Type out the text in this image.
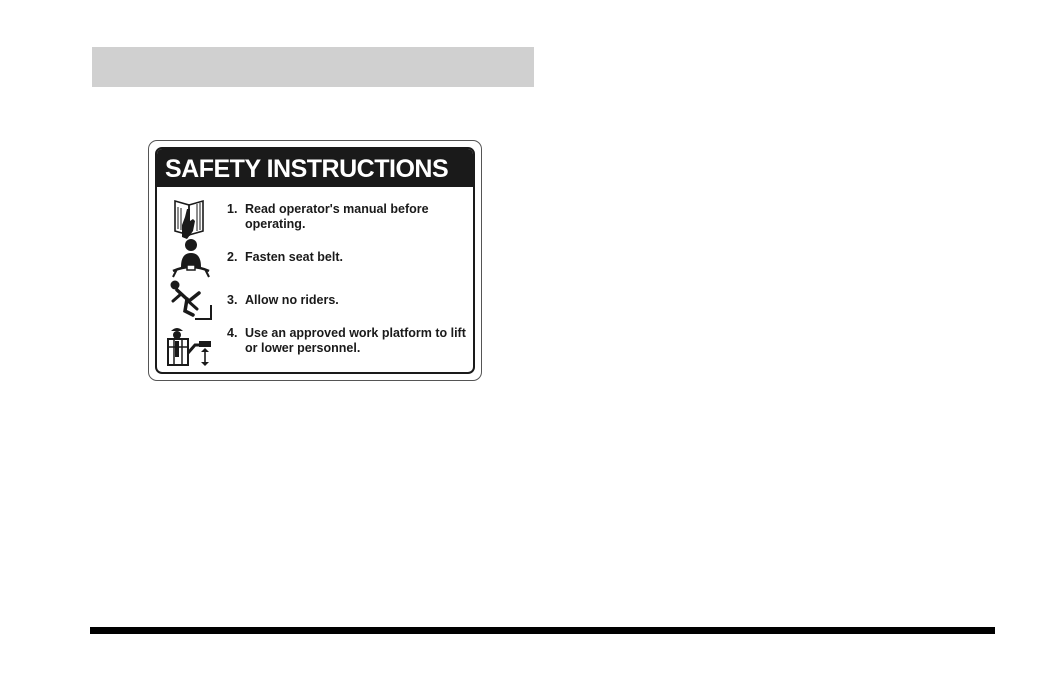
SAFETY INSTRUCTIONS
1. Read operator's manual before operating.
2. Fasten seat belt.
3. Allow no riders.
4. Use an approved work platform to lift or lower personnel.
